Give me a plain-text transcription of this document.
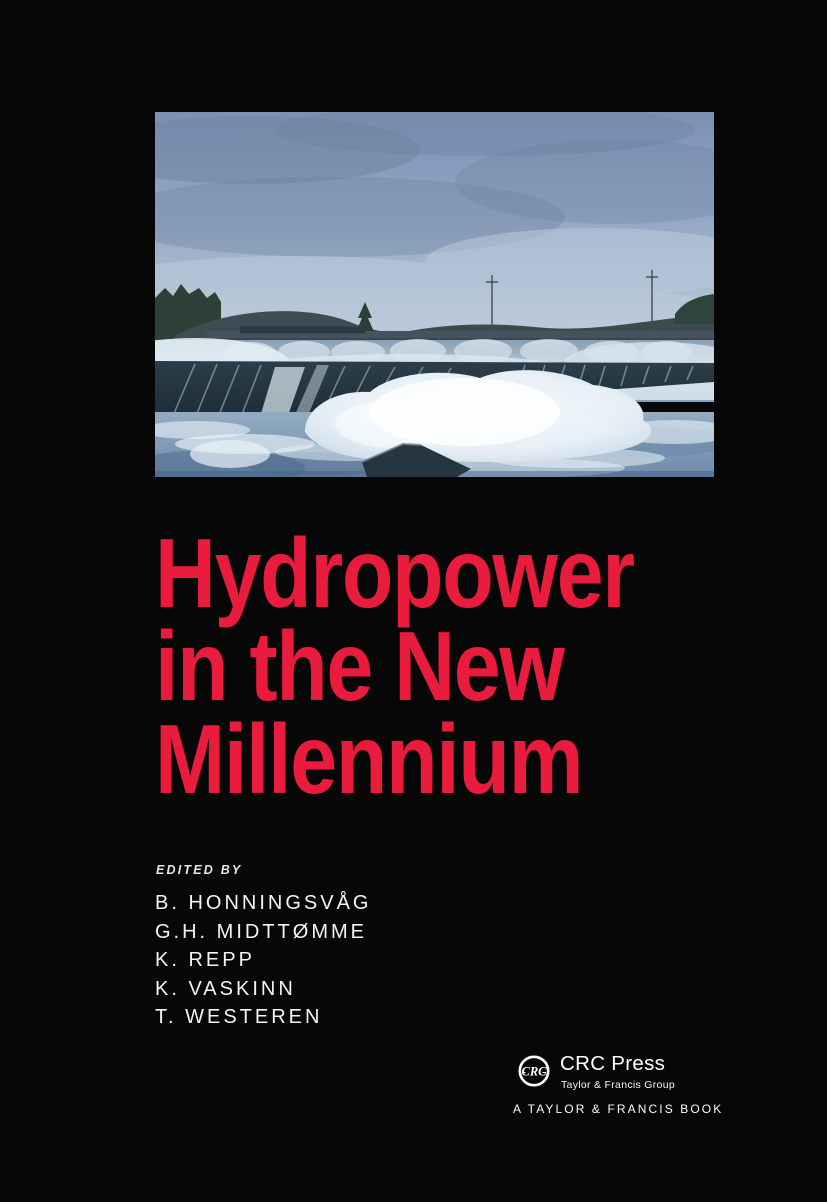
Hydropower
in the New
Millennium
EDITED BY
B. HONNINGSVÅG
G.H. MIDTTØMME
K. REPP
K. VASKINN
T. WESTEREN
CRC CRC Press
Taylor & Francis Group
A TAYLOR & FRANCIS BOOK
